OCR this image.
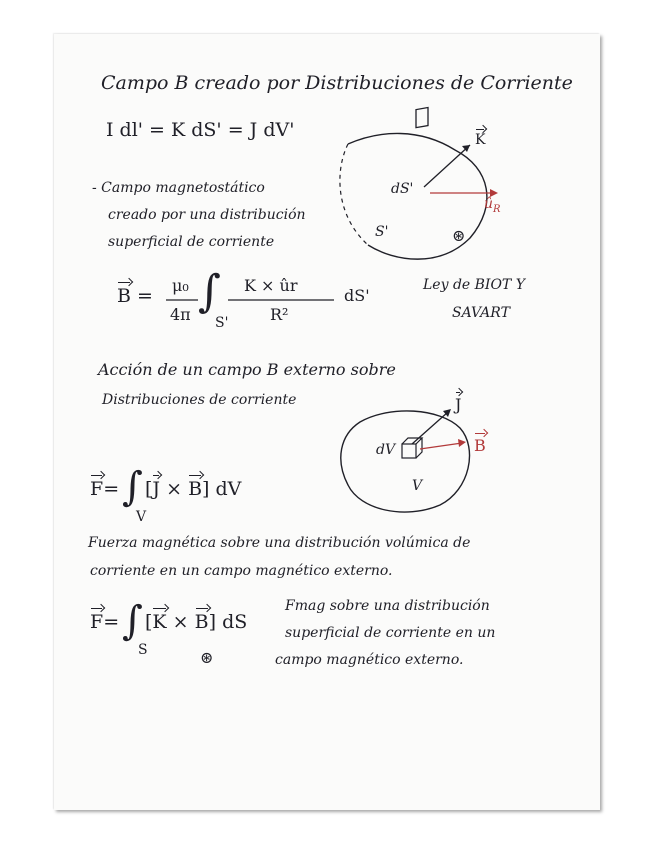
Campo B creado por Distribuciones de Corriente
I dl' = K dS' = J dV'
- Campo magnetostático
creado por una distribución
superficial de corriente
K
dS'
$û_R$
S'	⊛
B = μ₀
4π ∫
S'
K × ûr
R²
dS'
Ley de BIOT Y
SAVART
Acción de un campo B externo sobre
Distribuciones de corriente	J
B
dV
V
F= ∫
V
[J × B] dV
Fuerza magnética sobre una distribución volúmica de
corriente en un campo magnético externo.
F= ∫
S
[K × B] dS
⊛
Fmag sobre una distribución
superficial de corriente en un
campo magnético externo.
